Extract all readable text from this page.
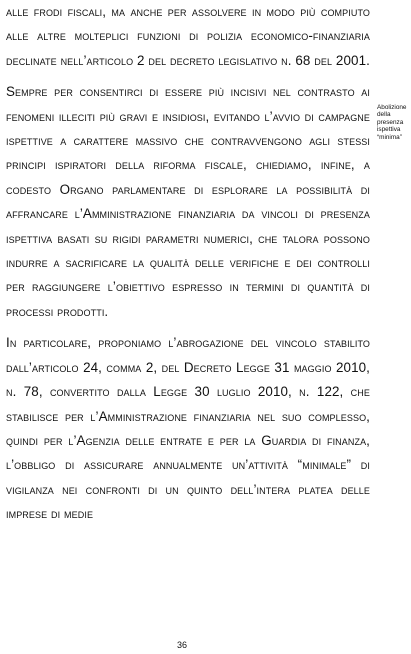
alle frodi fiscali, ma anche per assolvere in modo più compiuto alle altre molteplici funzioni di polizia economico-finanziaria declinate nell’articolo 2 del decreto legislativo n. 68 del 2001.

Sempre per consentirci di essere più incisivi nel contrasto ai fenomeni illeciti più gravi e insidiosi, evitando l’avvio di campagne ispettive a carattere massivo che contravvengono agli stessi principi ispiratori della riforma fiscale, chiediamo, infine, a codesto Organo parlamentare di esplorare la possibilità di affrancare l’Amministrazione finanziaria da vincoli di presenza ispettiva basati su rigidi parametri numerici, che talora possono indurre a sacrificare la qualità delle verifiche e dei controlli per raggiungere l’obiettivo espresso in termini di quantità di processi prodotti.

In particolare, proponiamo l’abrogazione del vincolo stabilito dall’articolo 24, comma 2, del Decreto Legge 31 maggio 2010, n. 78, convertito dalla Legge 30 luglio 2010, n. 122, che stabilisce per l’Amministrazione finanziaria nel suo complesso, quindi per l’Agenzia delle entrate e per la Guardia di finanza, l’obbligo di assicurare annualmente un’attività “minimale” di vigilanza nei confronti di un quinto dell’intera platea delle imprese di medie

Abolizione della presenza ispettiva “minima”
36
